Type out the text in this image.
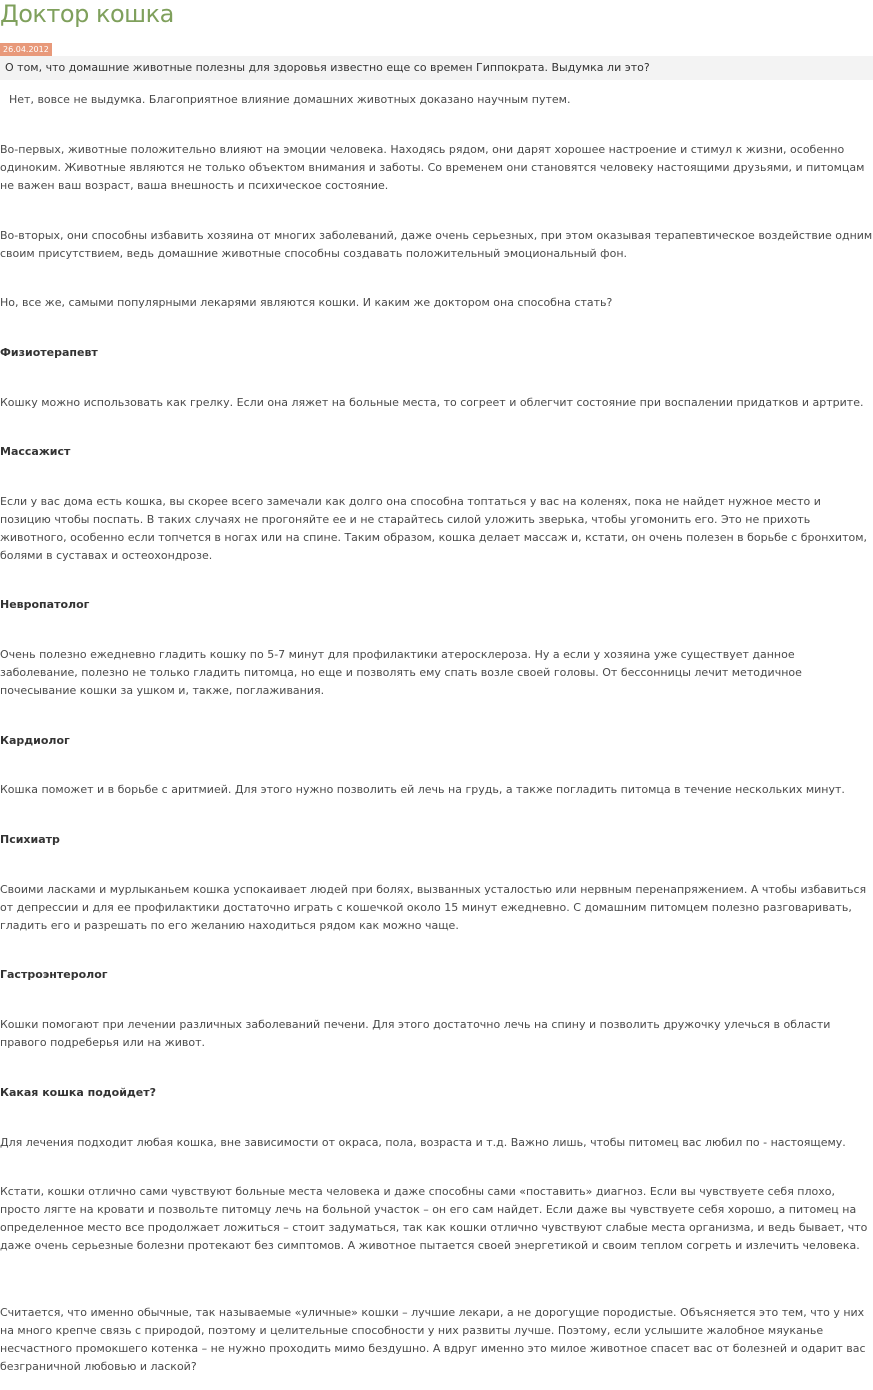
Доктор кошка
26.04.2012
О том, что домашние животные полезны для здоровья известно еще со времен Гиппократа. Выдумка ли это?

Нет, вовсе не выдумка. Благоприятное влияние домашних животных доказано научным путем.

Во-первых, животные положительно влияют на эмоции человека. Находясь рядом, они дарят хорошее настроение и стимул к жизни, особенно одиноким. Животные являются не только объектом внимания и заботы. Со временем они становятся человеку настоящими друзьями, и питомцам не важен ваш возраст, ваша внешность и психическое состояние.

Во-вторых, они способны избавить хозяина от многих заболеваний, даже очень серьезных, при этом оказывая терапевтическое воздействие одним своим присутствием, ведь домашние животные способны создавать положительный эмоциональный фон.

Но, все же, самыми популярными лекарями являются кошки. И каким же доктором она способна стать?

Физиотерапевт

Кошку можно использовать как грелку. Если она ляжет на больные места, то согреет и облегчит состояние при воспалении придатков и артрите.

Массажист

Если у вас дома есть кошка, вы скорее всего замечали как долго она способна топтаться у вас на коленях, пока не найдет нужное место и позицию чтобы поспать. В таких случаях не прогоняйте ее и не старайтесь силой уложить зверька, чтобы угомонить его. Это не прихоть животного, особенно если топчется в ногах или на спине. Таким образом, кошка делает массаж и, кстати, он очень полезен в борьбе с бронхитом, болями в суставах и остеохондрозе.

Невропатолог

Очень полезно ежедневно гладить кошку по 5-7 минут для профилактики атеросклероза. Ну а если у хозяина уже существует данное заболевание, полезно не только гладить питомца, но еще и позволять ему спать возле своей головы. От бессонницы лечит методичное почесывание кошки за ушком и, также, поглаживания.

Кардиолог

Кошка поможет и в борьбе с аритмией. Для этого нужно позволить ей лечь на грудь, а также погладить питомца в течение нескольких минут.

Психиатр

Своими ласками и мурлыканьем кошка успокаивает людей при болях, вызванных усталостью или нервным перенапряжением. А чтобы избавиться от депрессии и для ее профилактики достаточно играть с кошечкой около 15 минут ежедневно. С домашним питомцем полезно разговаривать, гладить его и разрешать по его желанию находиться рядом как можно чаще.

Гастроэнтеролог

Кошки помогают при лечении различных заболеваний печени. Для этого достаточно лечь на спину и позволить дружочку улечься в области правого подреберья или на живот.

Какая кошка подойдет?

Для лечения подходит любая кошка, вне зависимости от окраса, пола, возраста и т.д. Важно лишь, чтобы питомец вас любил по - настоящему.

Кстати, кошки отлично сами чувствуют больные места человека и даже способны сами «поставить» диагноз. Если вы чувствуете себя плохо, просто лягте на кровати и позвольте питомцу лечь на больной участок – он его сам найдет. Если даже вы чувствуете себя хорошо, а питомец на определенное место все продолжает ложиться – стоит задуматься, так как кошки отлично чувствуют слабые места организма, и ведь бывает, что даже очень серьезные болезни протекают без симптомов. А животное пытается своей энергетикой и своим теплом согреть и излечить человека.

Считается, что именно обычные, так называемые «уличные» кошки – лучшие лекари, а не дорогущие породистые. Объясняется это тем, что у них на много крепче связь с природой, поэтому и целительные способности у них развиты лучше. Поэтому, если услышите жалобное мяуканье несчастного промокшего котенка – не нужно проходить мимо бездушно. А вдруг именно это милое животное спасет вас от болезней и одарит вас безграничной любовью и лаской?
